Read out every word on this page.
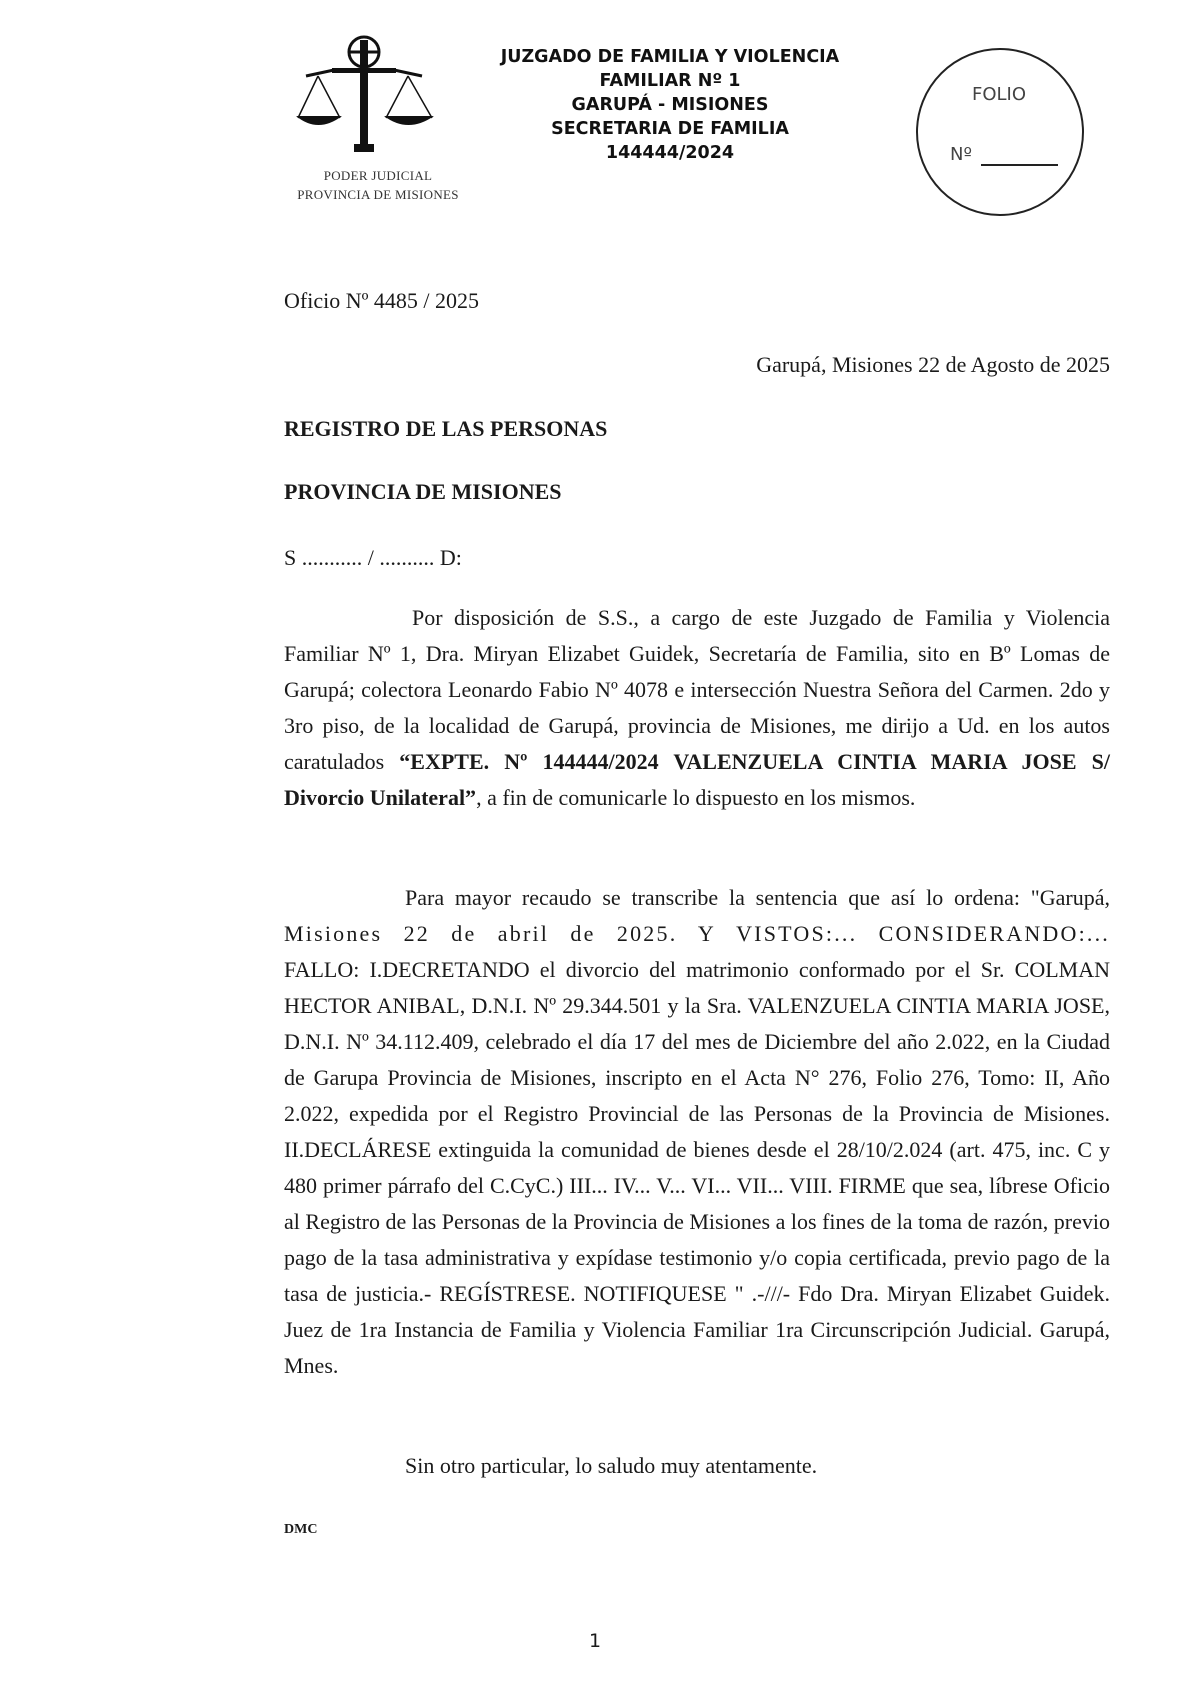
PODER JUDICIAL
PROVINCIA DE MISIONES
JUZGADO DE FAMILIA Y VIOLENCIA
FAMILIAR Nº 1
GARUPÁ - MISIONES
SECRETARIA DE FAMILIA
144444/2024
FOLIO
Nº
Oficio Nº 4485 / 2025
Garupá, Misiones 22 de Agosto de 2025
REGISTRO DE LAS PERSONAS
PROVINCIA DE MISIONES
S ........... / .......... D:
Por disposición de S.S., a cargo de este Juzgado de Familia y Violencia Familiar Nº 1, Dra. Miryan Elizabet Guidek, Secretaría de Familia, sito en Bº Lomas de Garupá; colectora Leonardo Fabio Nº 4078 e intersección Nuestra Señora del Carmen. 2do y 3ro piso, de la localidad de Garupá, provincia de Misiones, me dirijo a Ud. en los autos caratulados “EXPTE. Nº 144444/2024 VALENZUELA CINTIA MARIA JOSE S/ Divorcio Unilateral”, a fin de comunicarle lo dispuesto en los mismos.
Para mayor recaudo se transcribe la sentencia que así lo ordena: "Garupá, Misiones 22 de abril de 2025. Y VISTOS:... CONSIDERANDO:... FALLO: I.DECRETANDO el divorcio del matrimonio conformado por el Sr. COLMAN HECTOR ANIBAL, D.N.I. Nº 29.344.501 y la Sra. VALENZUELA CINTIA MARIA JOSE, D.N.I. Nº 34.112.409, celebrado el día 17 del mes de Diciembre del año 2.022, en la Ciudad de Garupa Provincia de Misiones, inscripto en el Acta N° 276, Folio 276, Tomo: II, Año 2.022, expedida por el Registro Provincial de las Personas de la Provincia de Misiones. II.DECLÁRESE extinguida la comunidad de bienes desde el 28/10/2.024 (art. 475, inc. C y 480 primer párrafo del C.CyC.) III... IV... V... VI... VII... VIII. FIRME que sea, líbrese Oficio al Registro de las Personas de la Provincia de Misiones a los fines de la toma de razón, previo pago de la tasa administrativa y expídase testimonio y/o copia certificada, previo pago de la tasa de justicia.- REGÍSTRESE. NOTIFIQUESE " .-///- Fdo Dra. Miryan Elizabet Guidek. Juez de 1ra Instancia de Familia y Violencia Familiar 1ra Circunscripción Judicial. Garupá, Mnes.
Sin otro particular, lo saludo muy atentamente.
DMC
1
